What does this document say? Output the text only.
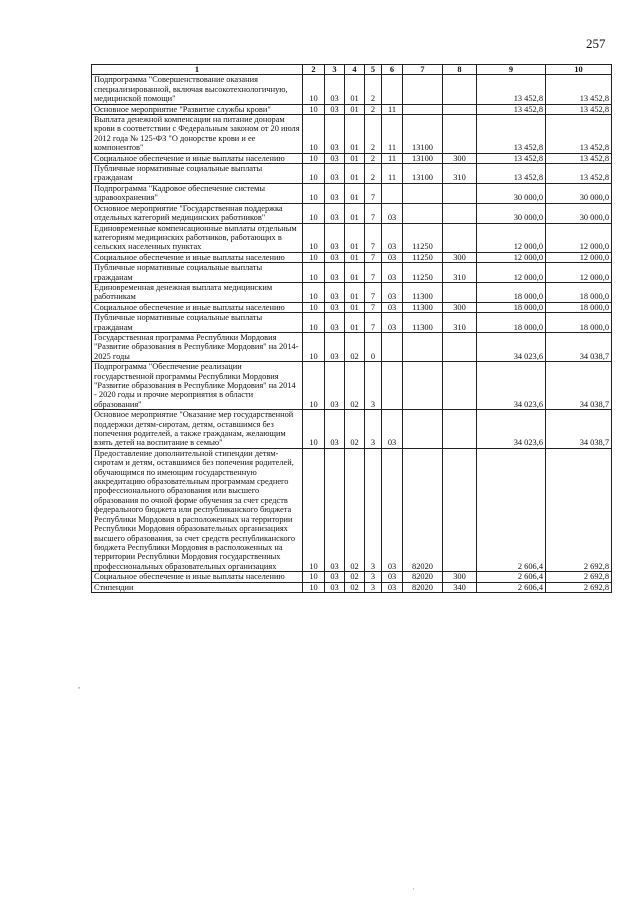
257
1	2	3	4	5	6	7	8	9	10
Подпрограмма "Совершенствование оказания специализированной, включая высокотехнологичную, медицинской помощи"	10	03	01	2				13 452,8	13 452,8
Основное мероприятие "Развитие службы крови"	10	03	01	2	11			13 452,8	13 452,8
Выплата денежной компенсации на питание донорам крови в соответствии с Федеральным законом от 20 июля 2012 года № 125-ФЗ "О донорстве крови и ее компонентов"	10	03	01	2	11	13100		13 452,8	13 452,8
Социальное обеспечение и иные выплаты населению	10	03	01	2	11	13100	300	13 452,8	13 452,8
Публичные нормативные социальные выплаты гражданам	10	03	01	2	11	13100	310	13 452,8	13 452,8
Подпрограмма "Кадровое обеспечение системы здравоохранения"	10	03	01	7				30 000,0	30 000,0
Основное мероприятие "Государственная поддержка отдельных категорий медицинских работников"	10	03	01	7	03			30 000,0	30 000,0
Единовременные компенсационные выплаты отдельным категориям медицинских работников, работающих в сельских населенных пунктах	10	03	01	7	03	11250		12 000,0	12 000,0
Социальное обеспечение и иные выплаты населению	10	03	01	7	03	11250	300	12 000,0	12 000,0
Публичные нормативные социальные выплаты гражданам	10	03	01	7	03	11250	310	12 000,0	12 000,0
Единовременная денежная выплата медицинским работникам	10	03	01	7	03	11300		18 000,0	18 000,0
Социальное обеспечение и иные выплаты населению	10	03	01	7	03	11300	300	18 000,0	18 000,0
Публичные нормативные социальные выплаты гражданам	10	03	01	7	03	11300	310	18 000,0	18 000,0
Государственная программа Республики Мордовия "Развитие образования в Республике Мордовия" на 2014-2025 годы	10	03	02	0				34 023,6	34 038,7
Подпрограмма "Обеспечение реализации государственной программы Республики Мордовия "Развитие образования в Республике Мордовия" на 2014 - 2020 годы и прочие мероприятия в области образования"	10	03	02	3				34 023,6	34 038,7
Основное мероприятие "Оказание мер государственной поддержки детям-сиротам, детям, оставшимся без попечения родителей, а также гражданам, желающим взять детей на воспитание в семью"	10	03	02	3	03			34 023,6	34 038,7
Предоставление дополнительной стипендии детям-сиротам и детям, оставшимся без попечения родителей, обучающимся по имеющим государственную аккредитацию образовательным программам среднего профессионального образования или высшего образования по очной форме обучения за счет средств федерального бюджета или республиканского бюджета Республики Мордовия в расположенных на территории Республики Мордовия образовательных организациях высшего образования, за счет средств республиканского бюджета Республики Мордовия в расположенных на территории Республики Мордовия государственных профессиональных образовательных организациях	10	03	02	3	03	82020		2 606,4	2 692,8
Социальное обеспечение и иные выплаты населению	10	03	02	3	03	82020	300	2 606,4	2 692,8
Стипендии	10	03	02	3	03	82020	340	2 606,4	2 692,8
,
·
